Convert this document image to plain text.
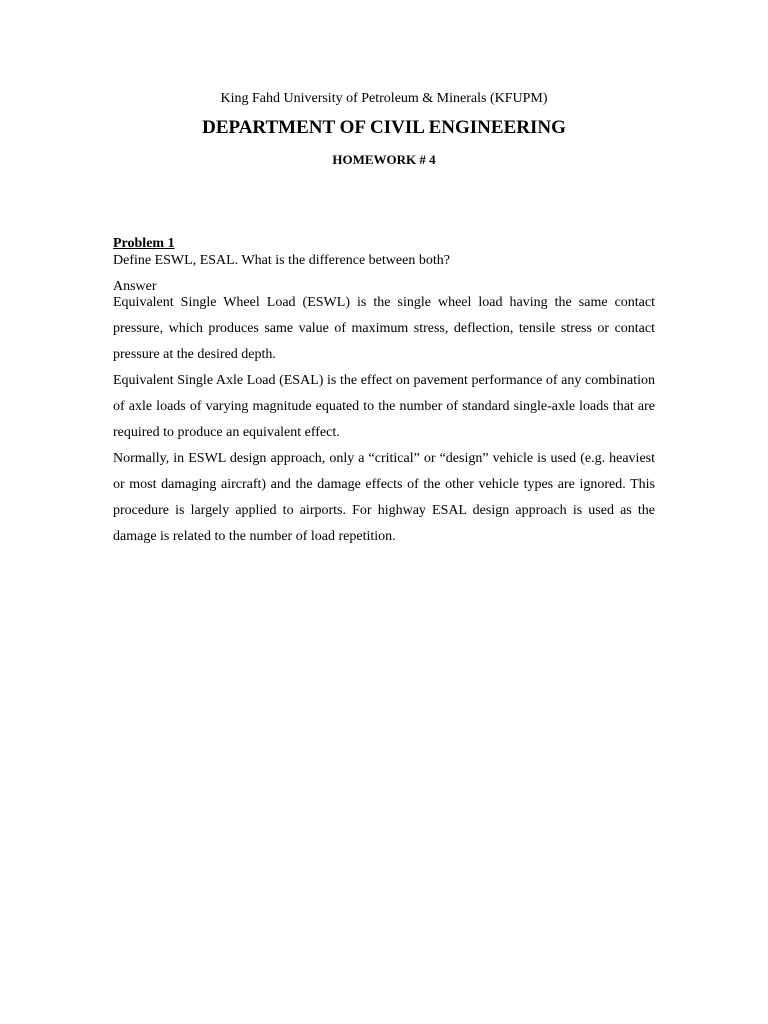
King Fahd University of Petroleum & Minerals (KFUPM)
DEPARTMENT OF CIVIL ENGINEERING
HOMEWORK # 4
Problem 1
Define ESWL, ESAL. What is the difference between both?
Answer

Equivalent Single Wheel Load (ESWL) is the single wheel load having the same contact pressure, which produces same value of maximum stress, deflection, tensile stress or contact pressure at the desired depth.

Equivalent Single Axle Load (ESAL) is the effect on pavement performance of any combination of axle loads of varying magnitude equated to the number of standard single-axle loads that are required to produce an equivalent effect.

Normally, in ESWL design approach, only a “critical” or “design” vehicle is used (e.g. heaviest or most damaging aircraft) and the damage effects of the other vehicle types are ignored. This procedure is largely applied to airports. For highway ESAL design approach is used as the damage is related to the number of load repetition.
